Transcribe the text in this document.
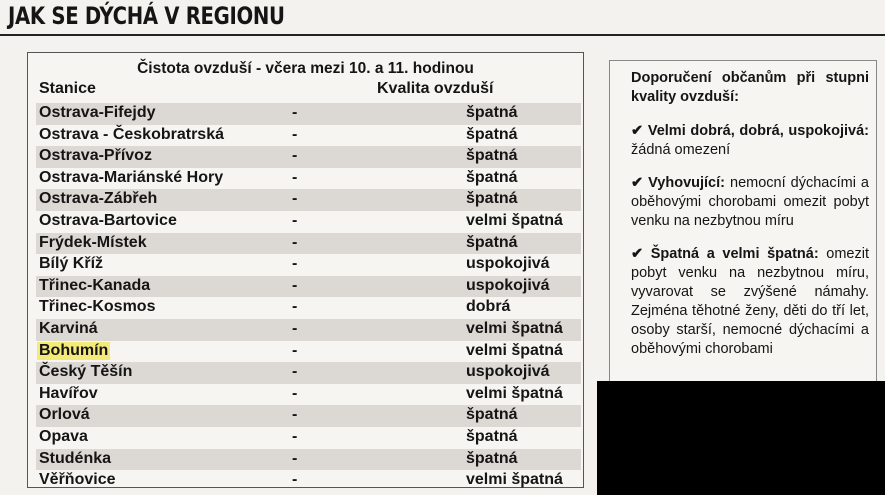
JAK SE DÝCHÁ V REGIONU
Čistota ovzduší - včera mezi 10. a 11. hodinou
Stanice	Kvalita ovzduší
Ostrava-Fifejdy	-	špatná
Ostrava - Českobratrská	-	špatná
Ostrava-Přívoz	-	špatná
Ostrava-Mariánské Hory	-	špatná
Ostrava-Zábřeh	-	špatná
Ostrava-Bartovice	-	velmi špatná
Frýdek-Místek	-	špatná
Bílý Kříž	-	uspokojivá
Třinec-Kanada	-	uspokojivá
Třinec-Kosmos	-	dobrá
Karviná	-	velmi špatná
Bohumín	-	velmi špatná
Český Těšín	-	uspokojivá
Havířov	-	velmi špatná
Orlová	-	špatná
Opava	-	špatná
Studénka	-	špatná
Věřňovice	-	velmi špatná

Doporučení občanům při stupni kvality ovzduší:

✔ Velmi dobrá, dobrá, uspokojivá: žádná omezení

✔ Vyhovující: nemocní dýchacími a oběhovými chorobami omezit pobyt venku na nezbytnou míru

✔ Špatná a velmi špatná: omezit pobyt venku na nezbytnou míru, vyvarovat se zvýšené námahy. Zejména těhotné ženy, děti do tří let, osoby starší, nemocné dýchacími a oběhovými chorobami
